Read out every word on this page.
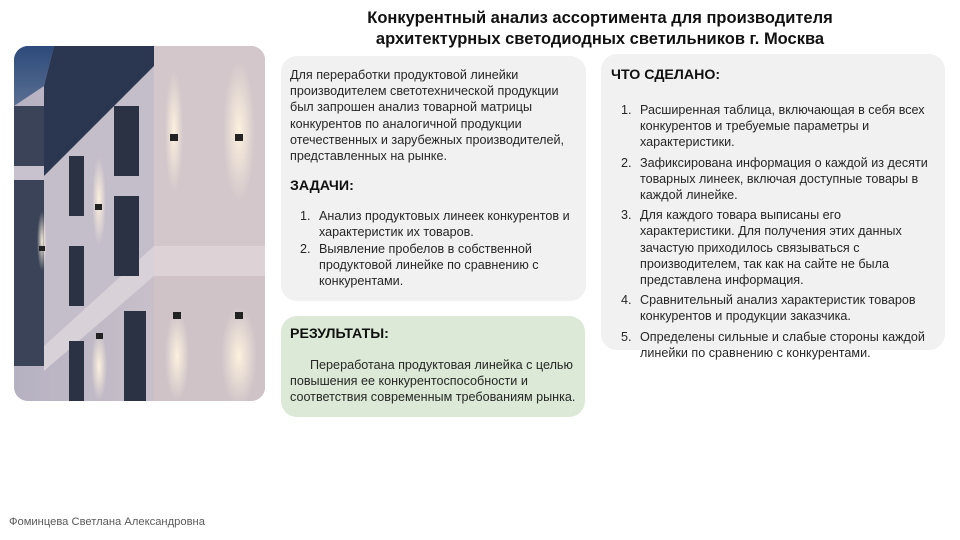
Конкурентный анализ ассортимента для производителя
архитектурных светодиодных светильников г. Москва
Для переработки продуктовой линейки производителем светотехнической продукции был запрошен анализ товарной матрицы конкурентов по аналогичной продукции отечественных и зарубежных производителей, представленных на рынке.
ЗАДАЧИ:
1. Анализ продуктовых линеек конкурентов и характеристик их товаров.
2. Выявление пробелов в собственной продуктовой линейке по сравнению с конкурентами.
РЕЗУЛЬТАТЫ:
Переработана продуктовая линейка с целью повышения ее конкурентоспособности и соответствия современным требованиям рынка.
ЧТО СДЕЛАНО:
1. Расширенная таблица, включающая в себя всех конкурентов и требуемые параметры и характеристики.
2. Зафиксирована информация о каждой из десяти товарных линеек, включая доступные товары в каждой линейке.
3. Для каждого товара выписаны его характеристики. Для получения этих данных зачастую приходилось связываться с производителем, так как на сайте не была представлена информация.
4. Сравнительный анализ характеристик товаров конкурентов и продукции заказчика.
5. Определены сильные и слабые стороны каждой линейки по сравнению с конкурентами.
Фоминцева Светлана Александровна
